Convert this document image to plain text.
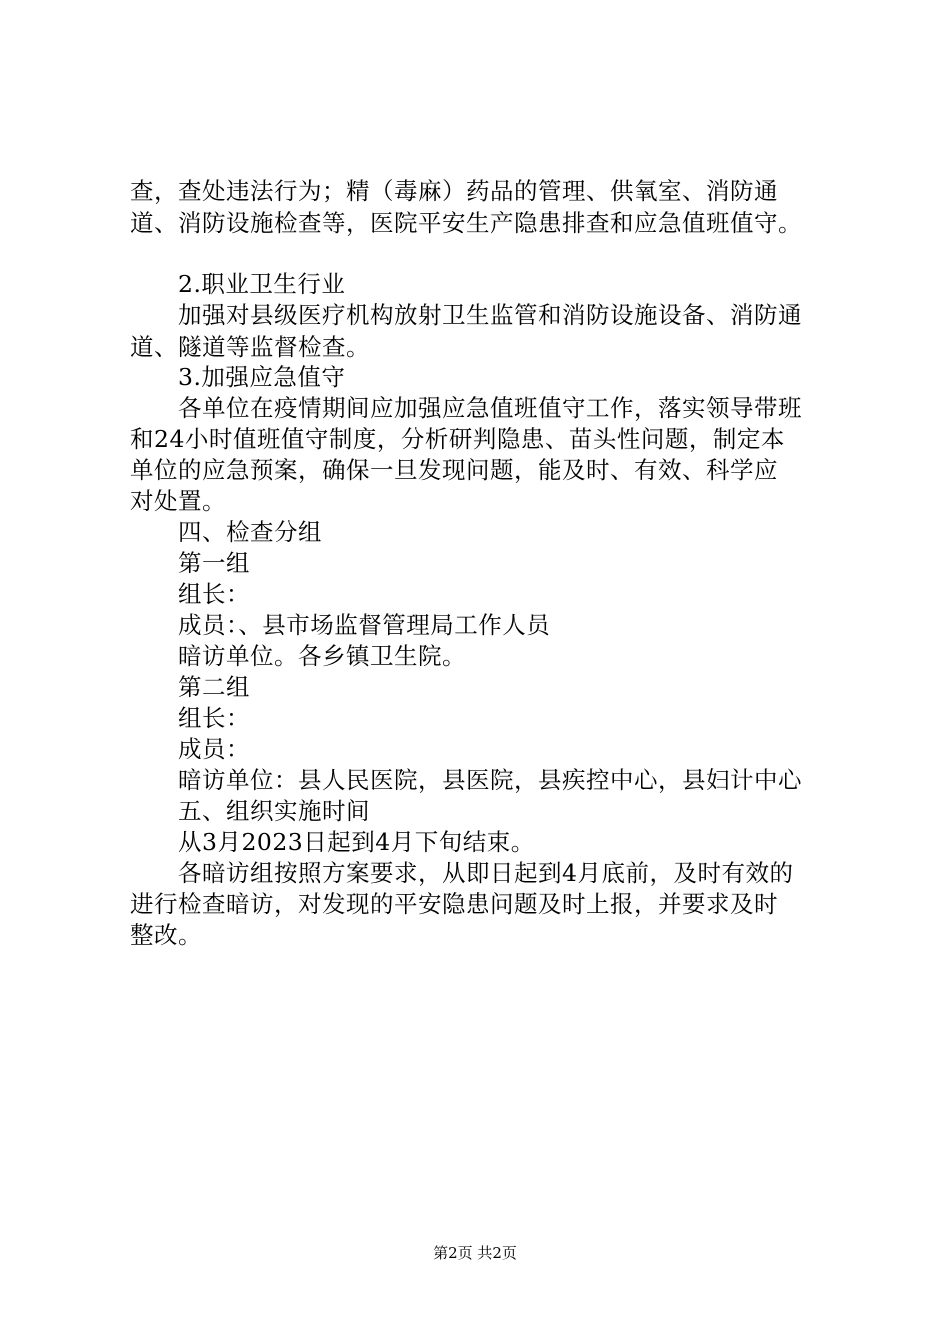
查，查处违法行为；精（毒麻）药品的管理、供氧室、消防通
道、消防设施检查等，医院平安生产隐患排查和应急值班值守。
2.职业卫生行业
加强对县级医疗机构放射卫生监管和消防设施设备、消防通
道、隧道等监督检查。
3.加强应急值守
各单位在疫情期间应加强应急值班值守工作，落实领导带班
和24小时值班值守制度，分析研判隐患、苗头性问题，制定本
单位的应急预案，确保一旦发现问题，能及时、有效、科学应
对处置。
四、检查分组
第一组
组长：
成员：、县市场监督管理局工作人员
暗访单位。各乡镇卫生院。
第二组
组长：
成员：
暗访单位：县人民医院，县医院，县疾控中心，县妇计中心
五、组织实施时间
从3月2023日起到4月下旬结束。
各暗访组按照方案要求，从即日起到4月底前，及时有效的
进行检查暗访，对发现的平安隐患问题及时上报，并要求及时
整改。
第2页 共2页
